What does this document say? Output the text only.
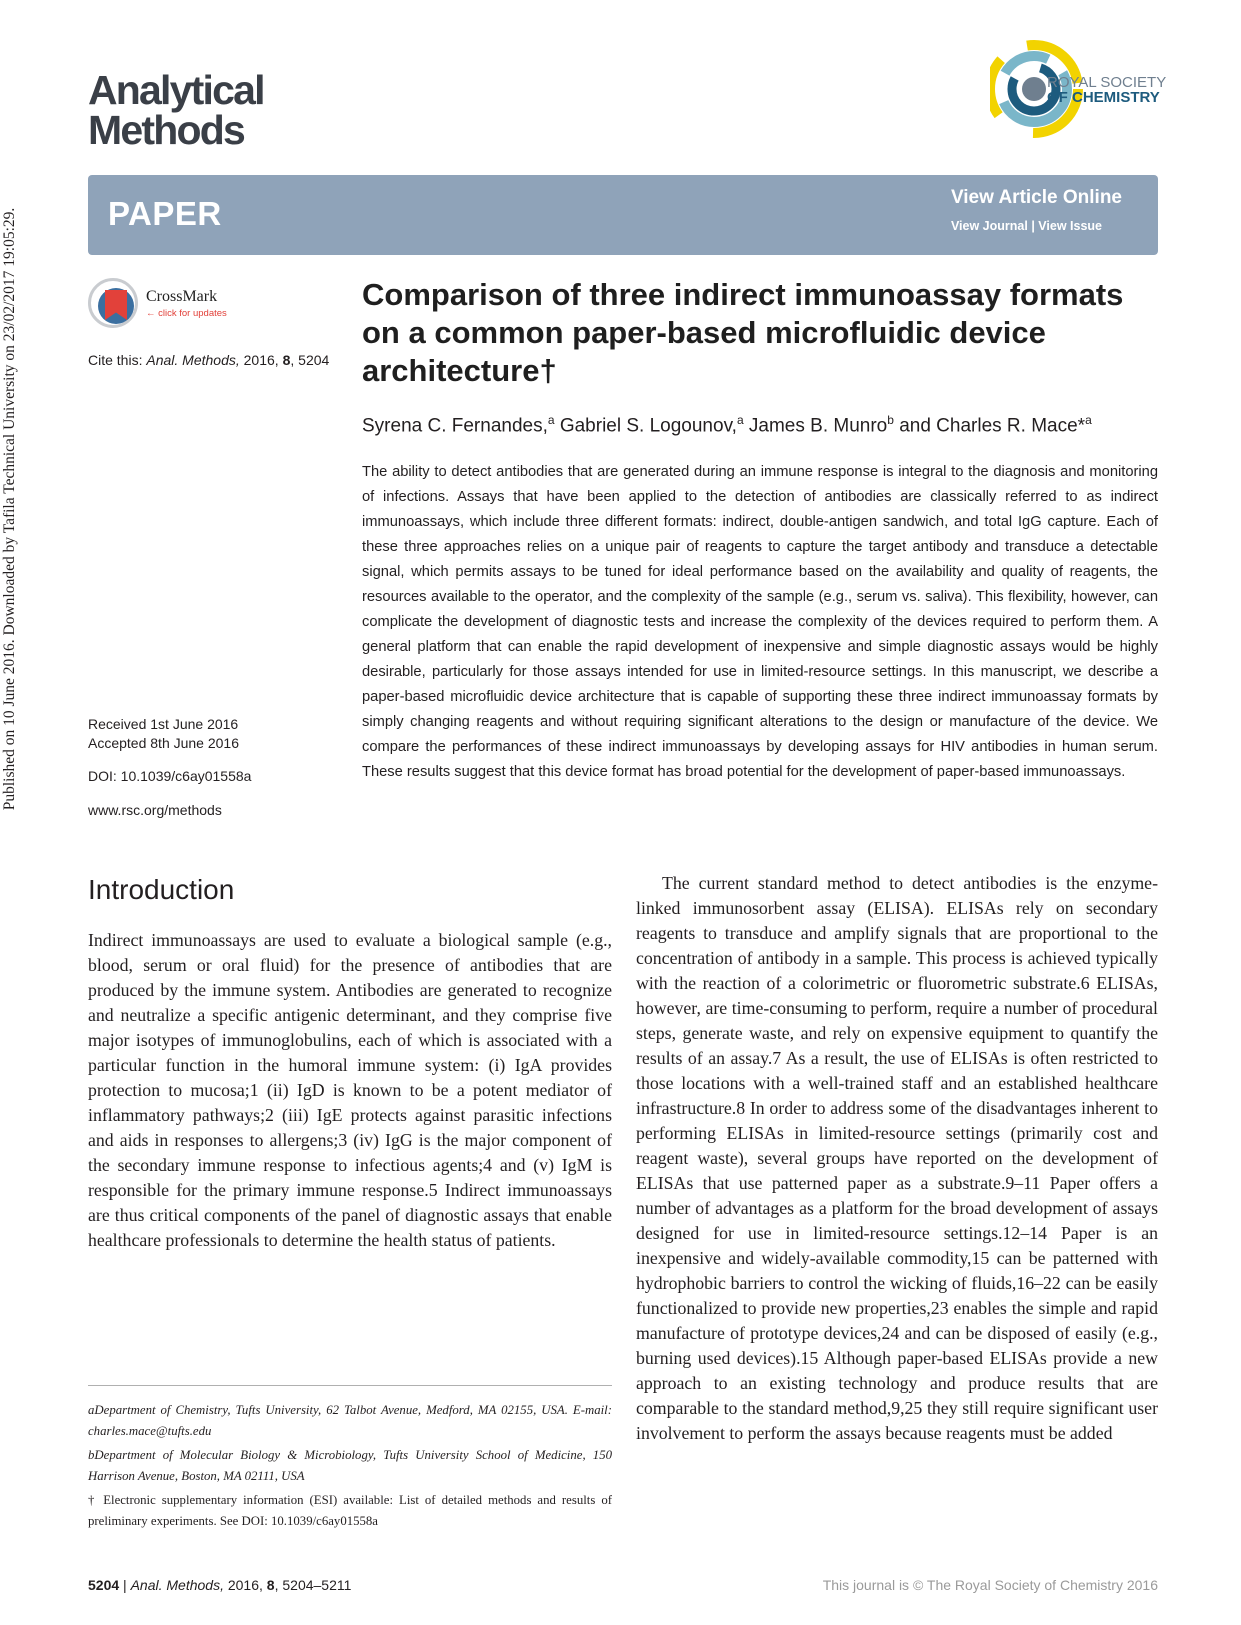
Published on 10 June 2016. Downloaded by Tafila Technical University on 23/02/2017 19:05:29.
Analytical
Methods
ROYAL SOCIETY
OF CHEMISTRY
PAPER	View Article Online
View Journal | View Issue
CrossMark
← click for updates
Cite this: Anal. Methods, 2016, 8, 5204
Received 1st June 2016
Accepted 8th June 2016
DOI: 10.1039/c6ay01558a
www.rsc.org/methods
Comparison of three indirect immunoassay formats on a common paper-based microfluidic device architecture†
Syrena C. Fernandes,$^a$ Gabriel S. Logounov,$^a$ James B. Munro$^b$ and Charles R. Mace*$^a$
The ability to detect antibodies that are generated during an immune response is integral to the diagnosis and monitoring of infections. Assays that have been applied to the detection of antibodies are classically referred to as indirect immunoassays, which include three different formats: indirect, double-antigen sandwich, and total IgG capture. Each of these three approaches relies on a unique pair of reagents to capture the target antibody and transduce a detectable signal, which permits assays to be tuned for ideal performance based on the availability and quality of reagents, the resources available to the operator, and the complexity of the sample (e.g., serum vs. saliva). This flexibility, however, can complicate the development of diagnostic tests and increase the complexity of the devices required to perform them. A general platform that can enable the rapid development of inexpensive and simple diagnostic assays would be highly desirable, particularly for those assays intended for use in limited-resource settings. In this manuscript, we describe a paper-based microfluidic device architecture that is capable of supporting these three indirect immunoassay formats by simply changing reagents and without requiring significant alterations to the design or manufacture of the device. We compare the performances of these indirect immunoassays by developing assays for HIV antibodies in human serum. These results suggest that this device format has broad potential for the development of paper-based immunoassays.
Introduction
Indirect immunoassays are used to evaluate a biological sample (e.g., blood, serum or oral fluid) for the presence of antibodies that are produced by the immune system. Antibodies are generated to recognize and neutralize a specific antigenic determinant, and they comprise five major isotypes of immunoglobulins, each of which is associated with a particular function in the humoral immune system: (i) IgA provides protection to mucosa;1 (ii) IgD is known to be a potent mediator of inflammatory pathways;2 (iii) IgE protects against parasitic infections and aids in responses to allergens;3 (iv) IgG is the major component of the secondary immune response to infectious agents;4 and (v) IgM is responsible for the primary immune response.5 Indirect immunoassays are thus critical components of the panel of diagnostic assays that enable healthcare professionals to determine the health status of patients.
The current standard method to detect antibodies is the enzyme-linked immunosorbent assay (ELISA). ELISAs rely on secondary reagents to transduce and amplify signals that are proportional to the concentration of antibody in a sample. This process is achieved typically with the reaction of a colorimetric or fluorometric substrate.6 ELISAs, however, are time-consuming to perform, require a number of procedural steps, generate waste, and rely on expensive equipment to quantify the results of an assay.7 As a result, the use of ELISAs is often restricted to those locations with a well-trained staff and an established healthcare infrastructure.8 In order to address some of the disadvantages inherent to performing ELISAs in limited-resource settings (primarily cost and reagent waste), several groups have reported on the development of ELISAs that use patterned paper as a substrate.9–11 Paper offers a number of advantages as a platform for the broad development of assays designed for use in limited-resource settings.12–14 Paper is an inexpensive and widely-available commodity,15 can be patterned with hydrophobic barriers to control the wicking of fluids,16–22 can be easily functionalized to provide new properties,23 enables the simple and rapid manufacture of prototype devices,24 and can be disposed of easily (e.g., burning used devices).15 Although paper-based ELISAs provide a new approach to an existing technology and produce results that are comparable to the standard method,9,25 they still require significant user involvement to perform the assays because reagents must be added

aDepartment of Chemistry, Tufts University, 62 Talbot Avenue, Medford, MA 02155, USA. E-mail: charles.mace@tufts.edu

bDepartment of Molecular Biology & Microbiology, Tufts University School of Medicine, 150 Harrison Avenue, Boston, MA 02111, USA

† Electronic supplementary information (ESI) available: List of detailed methods and results of preliminary experiments. See DOI: 10.1039/c6ay01558a

5204 | Anal. Methods, 2016, 8, 5204–5211	This journal is © The Royal Society of Chemistry 2016
